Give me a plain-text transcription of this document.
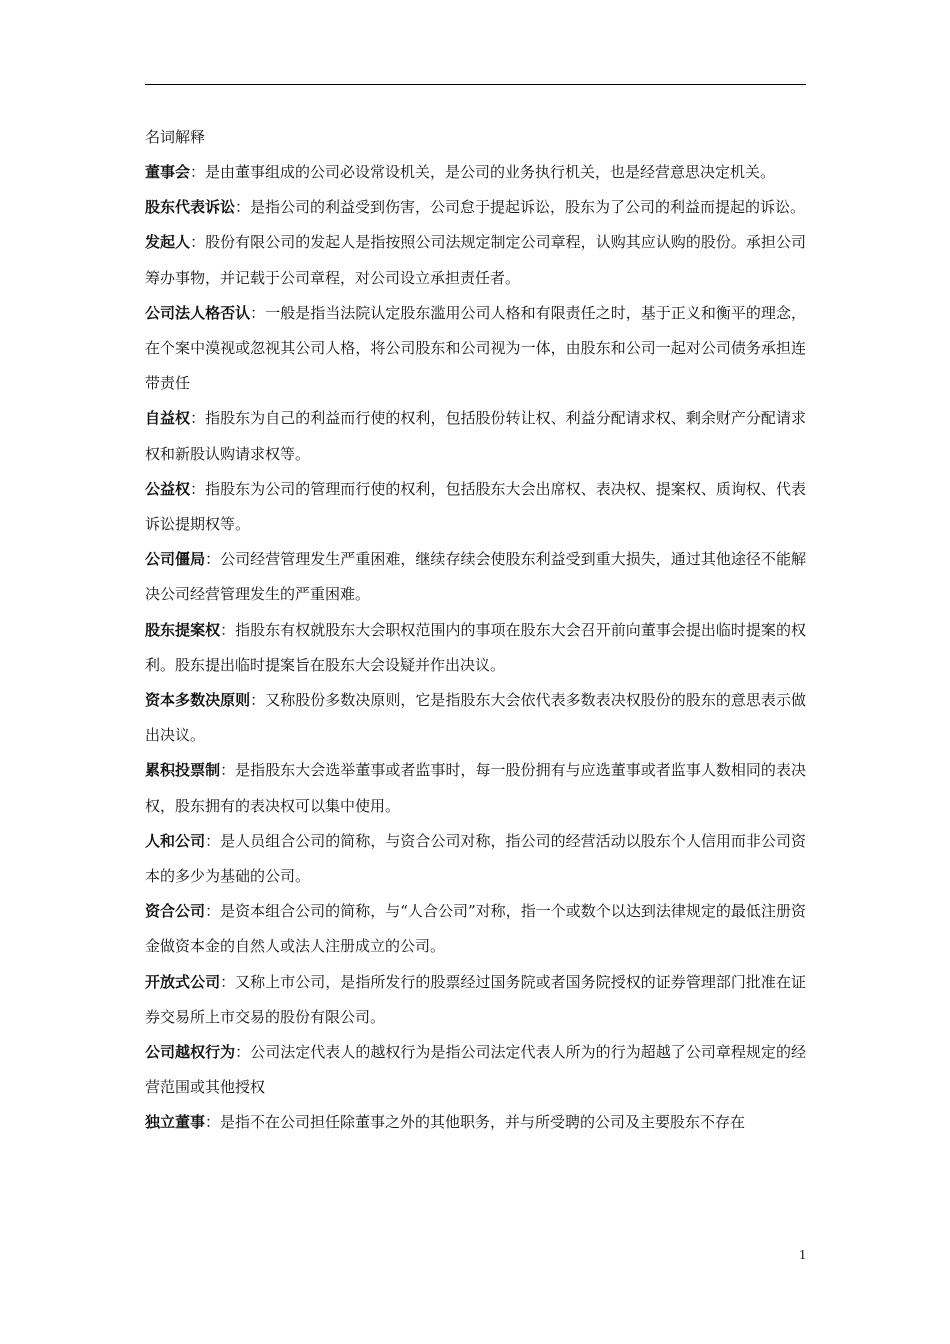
名词解释

董事会：是由董事组成的公司必设常设机关，是公司的业务执行机关，也是经营意思决定机关。

股东代表诉讼：是指公司的利益受到伤害，公司怠于提起诉讼，股东为了公司的利益而提起的诉讼。

发起人：股份有限公司的发起人是指按照公司法规定制定公司章程，认购其应认购的股份。承担公司筹办事物，并记载于公司章程，对公司设立承担责任者。

公司法人格否认：一般是指当法院认定股东滥用公司人格和有限责任之时，基于正义和衡平的理念，在个案中漠视或忽视其公司人格，将公司股东和公司视为一体，由股东和公司一起对公司债务承担连带责任

自益权：指股东为自己的利益而行使的权利，包括股份转让权、利益分配请求权、剩余财产分配请求权和新股认购请求权等。

公益权：指股东为公司的管理而行使的权利，包括股东大会出席权、表决权、提案权、质询权、代表诉讼提期权等。

公司僵局：公司经营管理发生严重困难，继续存续会使股东利益受到重大损失，通过其他途径不能解决公司经营管理发生的严重困难。

股东提案权：指股东有权就股东大会职权范围内的事项在股东大会召开前向董事会提出临时提案的权利。股东提出临时提案旨在股东大会设疑并作出决议。

资本多数决原则：又称股份多数决原则，它是指股东大会依代表多数表决权股份的股东的意思表示做出决议。

累积投票制：是指股东大会选举董事或者监事时，每一股份拥有与应选董事或者监事人数相同的表决权，股东拥有的表决权可以集中使用。

人和公司：是人员组合公司的简称，与资合公司对称，指公司的经营活动以股东个人信用而非公司资本的多少为基础的公司。

资合公司：是资本组合公司的简称，与“人合公司”对称，指一个或数个以达到法律规定的最低注册资金做资本金的自然人或法人注册成立的公司。

开放式公司：又称上市公司，是指所发行的股票经过国务院或者国务院授权的证券管理部门批准在证券交易所上市交易的股份有限公司。

公司越权行为：公司法定代表人的越权行为是指公司法定代表人所为的行为超越了公司章程规定的经营范围或其他授权

独立董事：是指不在公司担任除董事之外的其他职务，并与所受聘的公司及主要股东不存在

1
